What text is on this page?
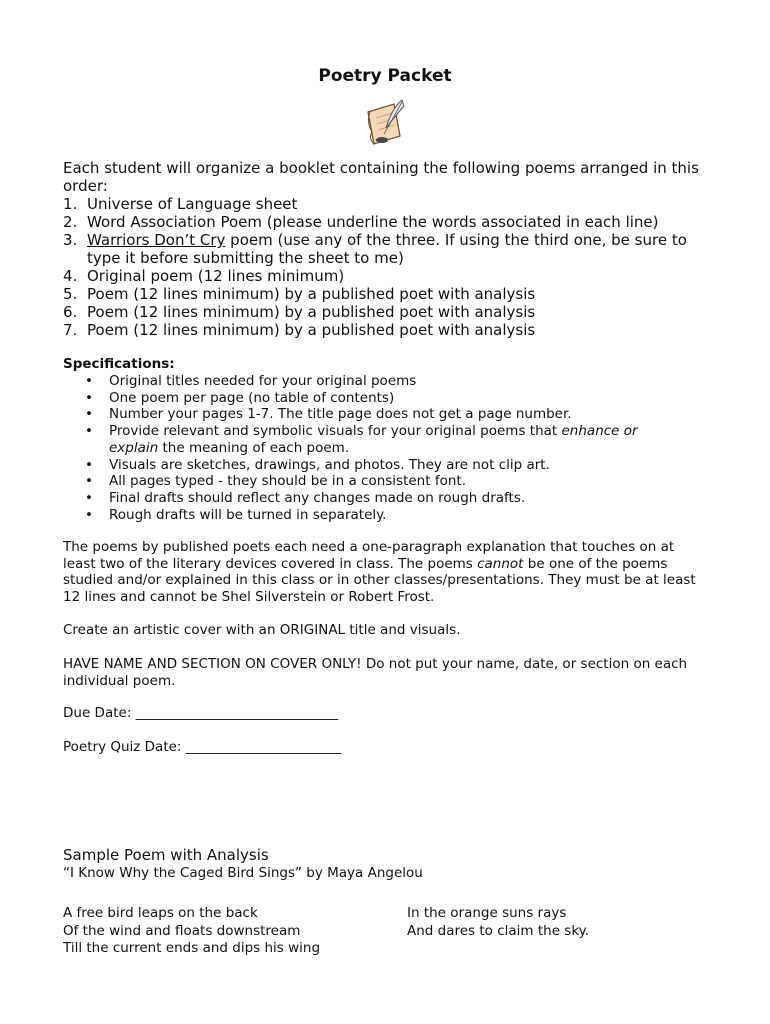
Poetry Packet
Each student will organize a booklet containing the following poems arranged in this order:
1. Universe of Language sheet
2. Word Association Poem (please underline the words associated in each line)
3. Warriors Don’t Cry poem (use any of the three. If using the third one, be sure to type it before submitting the sheet to me)
4. Original poem (12 lines minimum)
5. Poem (12 lines minimum) by a published poet with analysis
6. Poem (12 lines minimum) by a published poet with analysis
7. Poem (12 lines minimum) by a published poet with analysis
Specifications:
• Original titles needed for your original poems
• One poem per page (no table of contents)
• Number your pages 1-7. The title page does not get a page number.
• Provide relevant and symbolic visuals for your original poems that enhance or explain the meaning of each poem.
• Visuals are sketches, drawings, and photos. They are not clip art.
• All pages typed - they should be in a consistent font.
• Final drafts should reflect any changes made on rough drafts.
• Rough drafts will be turned in separately.
The poems by published poets each need a one-paragraph explanation that touches on at least two of the literary devices covered in class. The poems cannot be one of the poems studied and/or explained in this class or in other classes/presentations. They must be at least 12 lines and cannot be Shel Silverstein or Robert Frost.
Create an artistic cover with an ORIGINAL title and visuals.
HAVE NAME AND SECTION ON COVER ONLY! Do not put your name, date, or section on each individual poem.
Due Date: ______________________________
Poetry Quiz Date: _______________________
Sample Poem with Analysis
“I Know Why the Caged Bird Sings” by Maya Angelou
A free bird leaps on the back
Of the wind and floats downstream
Till the current ends and dips his wing
In the orange suns rays
And dares to claim the sky.
